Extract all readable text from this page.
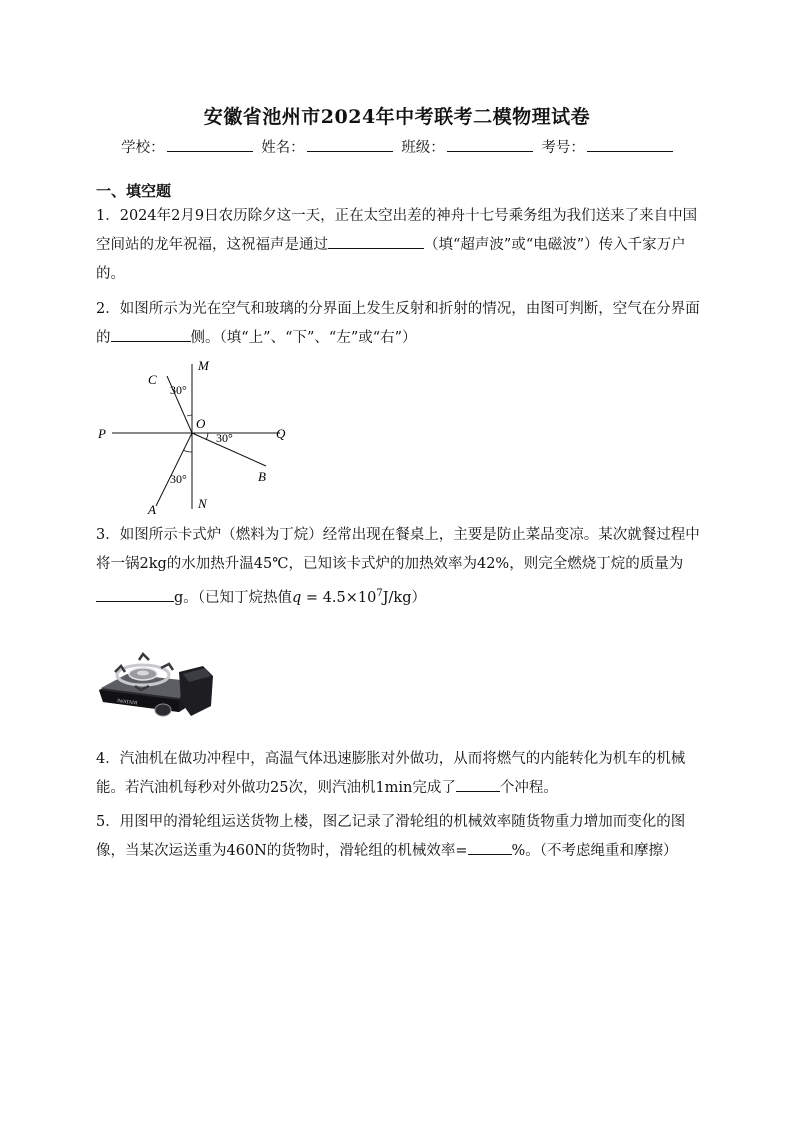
安徽省池州市2024年中考联考二模物理试卷
学校：	姓名：	班级：	考号：
一、填空题
1．2024年2月9日农历除夕这一天，正在太空出差的神舟十七号乘务组为我们送来了来自中国空间站的龙年祝福，这祝福声是通过	（填“超声波”或“电磁波”）传入千家万户的。
2．如图所示为光在空气和玻璃的分界面上发生反射和折射的情况，由图可判断，空气在分界面的	侧。（填“上”、“下”、“左”或“右”）
M
N
P	Q
O
A
B
C
30°
30°
30°
3．如图所示卡式炉（燃料为丁烷）经常出现在餐桌上，主要是防止菜品变凉。某次就餐过程中将一锅2kg的水加热升温45℃，已知该卡式炉的加热效率为42%，则完全燃烧丁烷的质量为g。（已知丁烷热值$q = 4.5\times 10^7J/kg$）
IWATANI
4．汽油机在做功冲程中，高温气体迅速膨胀对外做功，从而将燃气的内能转化为机车的机械能。若汽油机每秒对外做功25次，则汽油机1min完成了	个冲程。
5．用图甲的滑轮组运送货物上楼，图乙记录了滑轮组的机械效率随货物重力增加而变化的图像，当某次运送重为460N的货物时，滑轮组的机械效率=	%。（不考虑绳重和摩擦）
